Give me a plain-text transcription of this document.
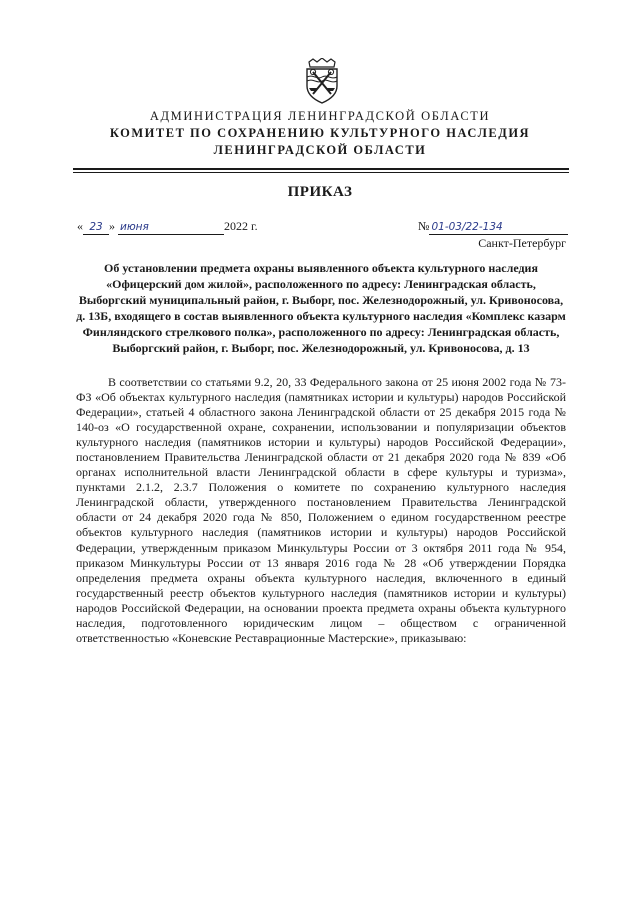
АДМИНИСТРАЦИЯ ЛЕНИНГРАДСКОЙ ОБЛАСТИ
КОМИТЕТ ПО СОХРАНЕНИЮ КУЛЬТУРНОГО НАСЛЕДИЯ
ЛЕНИНГРАДСКОЙ ОБЛАСТИ
ПРИКАЗ
« 23 » июня	2022 г.	№ 01-03/22-134
Санкт-Петербург
Об установлении предмета охраны выявленного объекта культурного наследия «Офицерский дом жилой», расположенного по адресу: Ленинградская область, Выборгский муниципальный район, г. Выборг, пос. Железнодорожный, ул. Кривоносова, д. 13Б, входящего в состав выявленного объекта культурного наследия «Комплекс казарм Финляндского стрелкового полка», расположенного по адресу: Ленинградская область, Выборгский район, г. Выборг, пос. Железнодорожный, ул. Кривоносова, д. 13

В соответствии со статьями 9.2, 20, 33 Федерального закона от 25 июня 2002 года № 73-ФЗ «Об объектах культурного наследия (памятниках истории и культуры) народов Российской Федерации», статьей 4 областного закона Ленинградской области от 25 декабря 2015 года № 140-оз «О государственной охране, сохранении, использовании и популяризации объектов культурного наследия (памятников истории и культуры) народов Российской Федерации», постановлением Правительства Ленинградской области от 21 декабря 2020 года № 839 «Об органах исполнительной власти Ленинградской области в сфере культуры и туризма», пунктами 2.1.2, 2.3.7 Положения о комитете по сохранению культурного наследия Ленинградской области, утвержденного постановлением Правительства Ленинградской области от 24 декабря 2020 года № 850, Положением о едином государственном реестре объектов культурного наследия (памятников истории и культуры) народов Российской Федерации, утвержденным приказом Минкультуры России от 3 октября 2011 года № 954, приказом Минкультуры России от 13 января 2016 года № 28 «Об утверждении Порядка определения предмета охраны объекта культурного наследия, включенного в единый государственный реестр объектов культурного наследия (памятников истории и культуры) народов Российской Федерации, на основании проекта предмета охраны объекта культурного наследия, подготовленного юридическим лицом – обществом с ограниченной ответственностью «Коневские Реставрационные Мастерские», приказываю:
